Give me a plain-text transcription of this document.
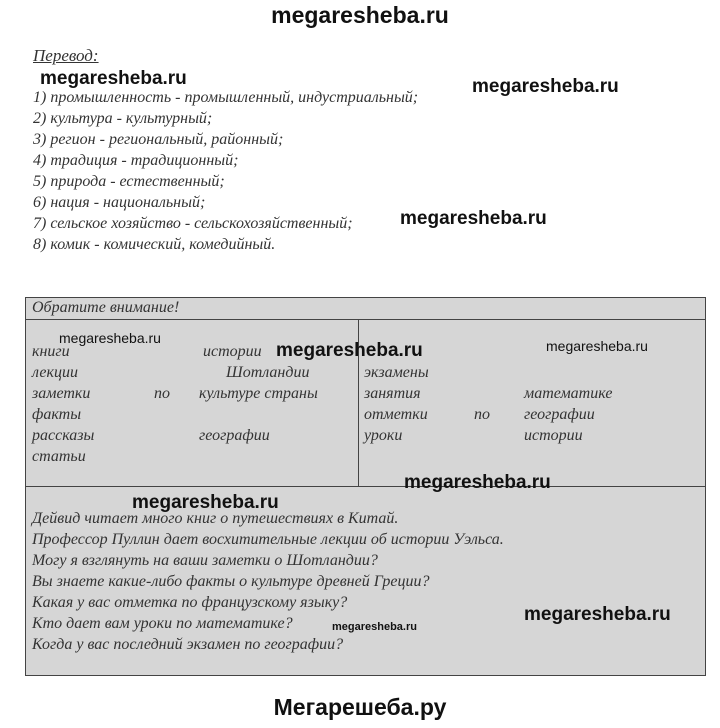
megaresheba.ru
Перевод:
1) промышленность - промышленный, индустриальный;
2) культура - культурный;
3) регион - региональный, районный;
4) традиция - традиционный;
5) природа - естественный;
6) нация - национальный;
7) сельское хозяйство - сельскохозяйственный;
8) комик - комический, комедийный.
Обратите внимание!
книги
лекции
заметки
факты
рассказы
статьи
по
истории
Шотландии
культуре страны
географии
экзамены
занятия
отметки
уроки
по
математике
географии
истории
Дейвид читает много книг о путешествиях в Китай.
Профессор Пуллин дает восхитительные лекции об истории Уэльса.
Могу я взглянуть на ваши заметки о Шотландии?
Вы знаете какие-либо факты о культуре древней Греции?
Какая у вас отметка по французскому языку?
Кто дает вам уроки по математике?
Когда у вас последний экзамен по географии?
megaresheba.ru	megaresheba.ru
megaresheba.ru
megaresheba.ru
megaresheba.ru	megaresheba.ru
megaresheba.ru
megaresheba.ru
megaresheba.ru
megaresheba.ru
Мегарешеба.ру
